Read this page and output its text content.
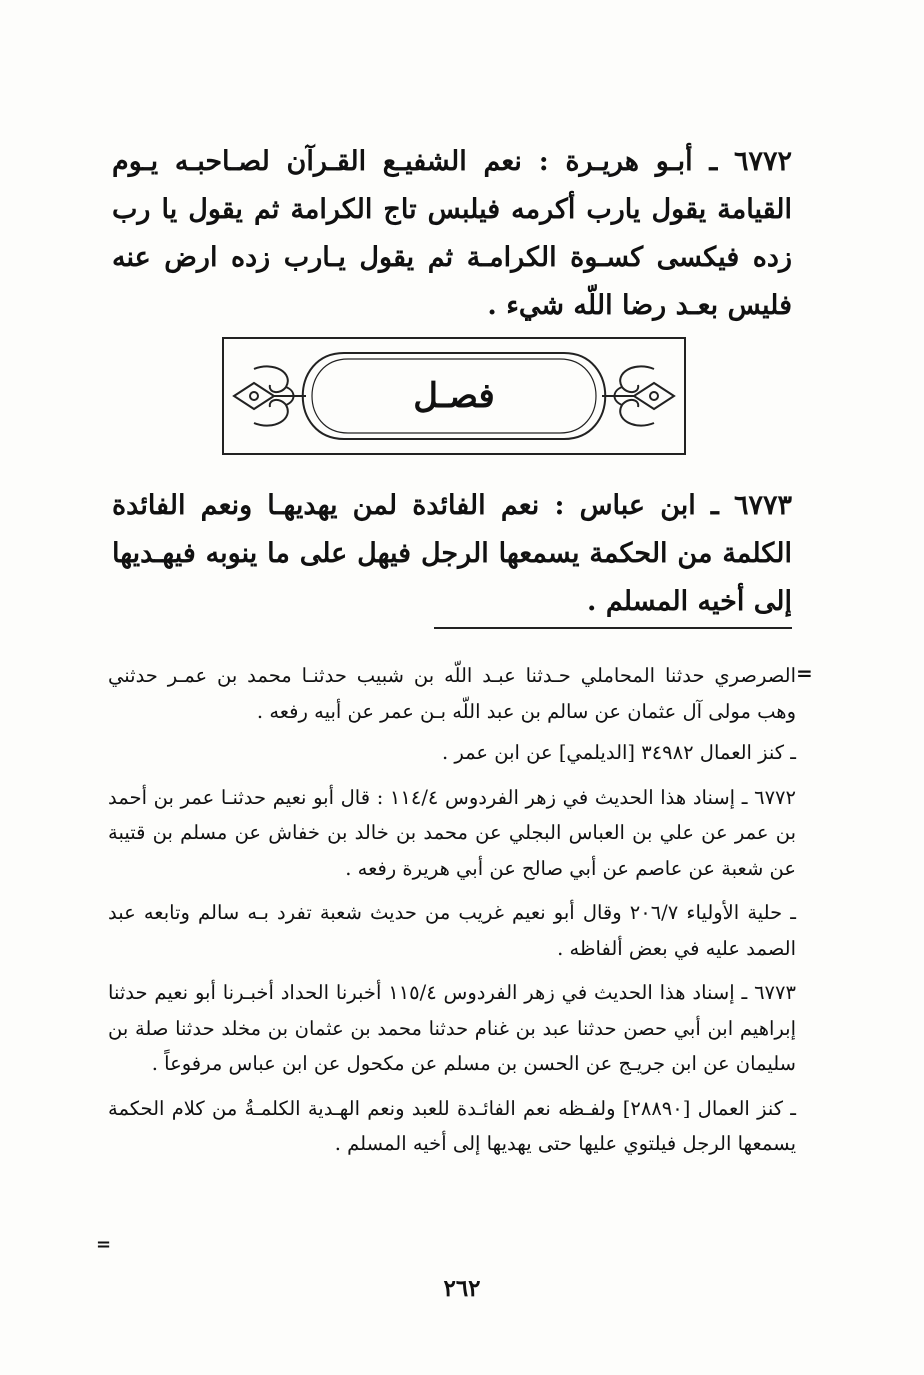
٦٧٧٢ ـ أبـو هريـرة : نعم الشفيـع القـرآن لصـاحبـه يـوم القيامة يقول يارب أكرمه فيلبس تاج الكرامة ثم يقول يا رب زده فيكسى كسـوة الكرامـة ثم يقول يـارب زده ارض عنه فليس بعـد رضا اللّه شيء .
فصـل
٦٧٧٣ ـ ابن عباس : نعم الفائدة لمن يهديهـا ونعم الفائدة الكلمة من الحكمة يسمعها الرجل فيهل على ما ينوبه فيهـديها إلى أخيه المسلم .
=

الصرصري حدثنا المحاملي حـدثنا عبـد اللّه بن شبيب حدثنـا محمد بن عمـر حدثني وهب مولى آل عثمان عن سالم بن عبد اللّه بـن عمر عن أبيه رفعه .

ـ كنز العمال ٣٤٩٨٢ [الديلمي] عن ابن عمر .

٦٧٧٢ ـ إسناد هذا الحديث في زهر الفردوس ١١٤/٤ : قال أبو نعيم حدثنـا عمر بن أحمد بن عمر عن علي بن العباس البجلي عن محمد بن خالد بن خفاش عن مسلم بن قتيبة عن شعبة عن عاصم عن أبي صالح عن أبي هريرة رفعه .

ـ حلية الأولياء ٢٠٦/٧ وقال أبو نعيم غريب من حديث شعبة تفرد بـه سالم وتابعه عبد الصمد عليه في بعض ألفاظه .

٦٧٧٣ ـ إسناد هذا الحديث في زهر الفردوس ١١٥/٤ أخبرنا الحداد أخبـرنا أبو نعيم حدثنا إبراهيم ابن أبي حصن حدثنا عبد بن غنام حدثنا محمد بن عثمان بن مخلد حدثنا صلة بن سليمان عن ابن جريـج عن الحسن بن مسلم عن مكحول عن ابن عباس مرفوعاً .

ـ كنز العمال [٢٨٨٩٠] ولفـظه نعم الفائـدة للعبد ونعم الهـدية الكلمـةُ من كلام الحكمة يسمعها الرجل فيلتوي عليها حتى يهديها إلى أخيه المسلم .

=
٢٦٢
